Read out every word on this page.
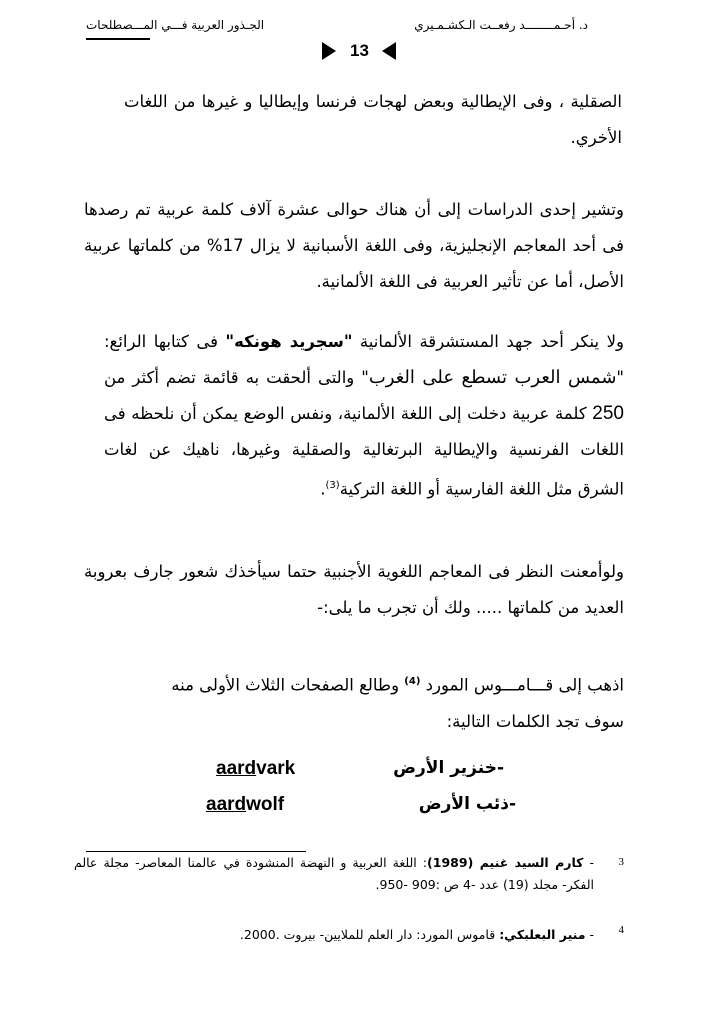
د. أحـمــــــــد رفعــت الـكشـمـيري
الجـذور العربية فـــي المـــصطلحات
13
الصقلية ، وفى الإيطالية وبعض لهجات فرنسا وإيطاليا و غيرها من اللغات الأخري.
وتشير إحدى الدراسات إلى أن هناك حوالى عشرة آلاف كلمة عربية تم رصدها فى أحد المعاجم الإنجليزية، وفى اللغة الأسبانية لا يزال 17% من كلماتها عربية الأصل، أما عن تأثير العربية فى اللغة الألمانية.
ولا ينكر أحد جهد المستشرقة الألمانية "سجريد هونكه" فى كتابها الرائع: "شمس العرب تسطع على الغرب" والتى ألحقت به قائمة تضم أكثر من 250 كلمة عربية دخلت إلى اللغة الألمانية، ونفس الوضع يمكن أن نلحظه فى اللغات الفرنسية والإيطالية البرتغالية والصقلية وغيرها، ناهيك عن لغات الشرق مثل اللغة الفارسية أو اللغة التركية$^{(3)}$.
ولوأمعنت النظر فى المعاجم اللغوية الأجنبية حتما سيأخذك شعور جارف بعروبة العديد من كلماتها ..... ولك أن تجرب ما يلى:-
اذهب إلى قـــامـــوس المورد $^{(4)}$ وطالع الصفحات الثلاث الأولى منه
سوف تجد الكلمات التالية:
-خنزير الأرض
aardvark
-ذئب الأرض
aardwolf
3
- كارم السيد غنيم (1989): اللغة العربية و النهضة المنشودة في عالمنا المعاصر- مجلة عالم الفكر- مجلد (19) عدد -4 ص :909 -950.
4
- منير البعلبكي: قاموس المورد: دار العلم للملايين- بيروت .2000.
